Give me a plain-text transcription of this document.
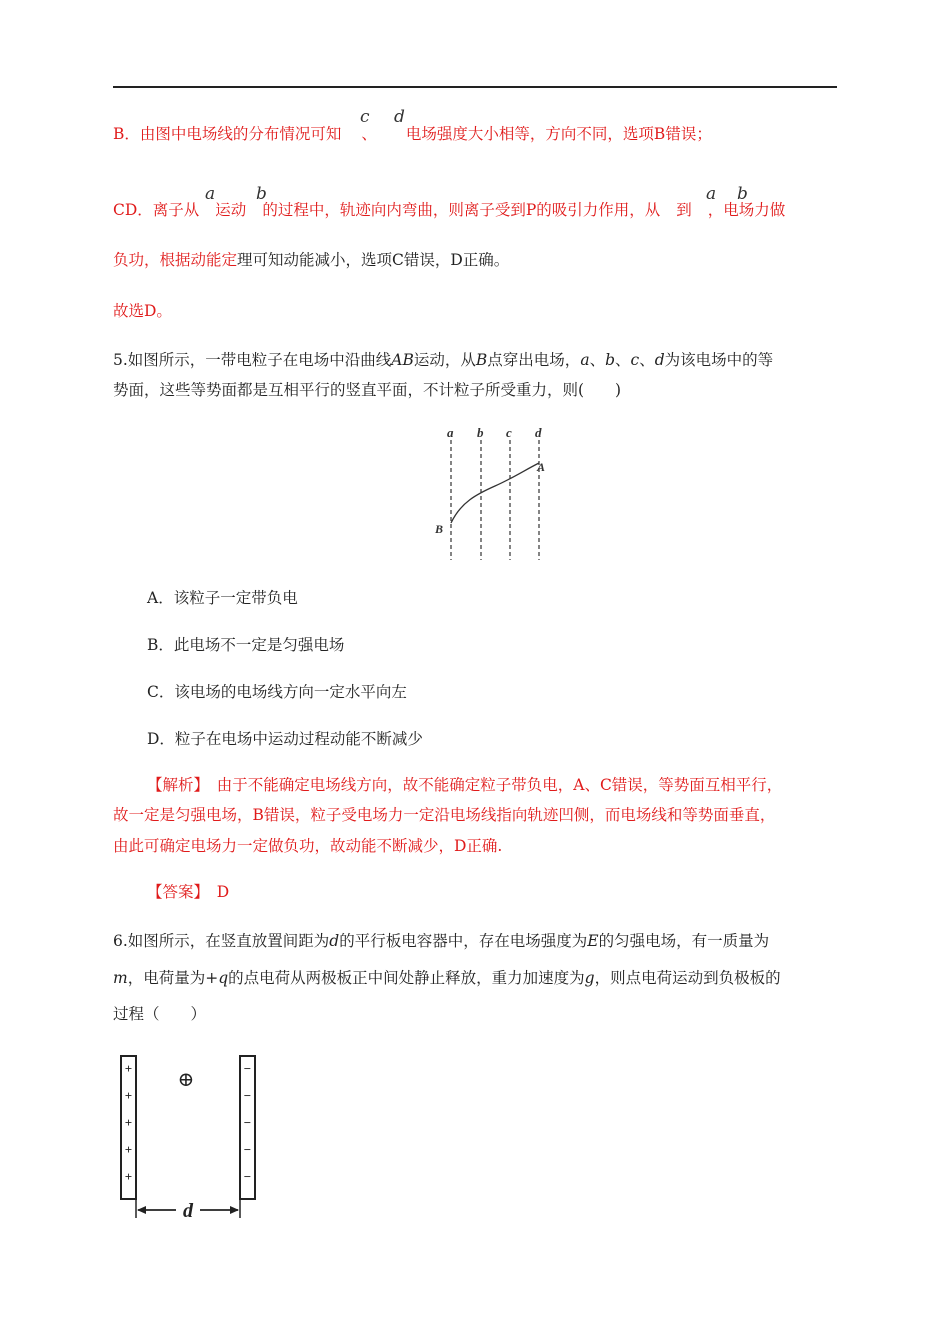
B．由图中电场线的分布情况可知 、 电场强度大小相等，方向不同，选项B错误；
c d
CD．离子从 运动 的过程中，轨迹向内弯曲，则离子受到P的吸引力作用，从 到 ，电场力做
a b	a b
负功，根据动能定理可知动能减小，选项C错误，D正确。
故选D。
5.如图所示，一带电粒子在电场中沿曲线AB运动，从B点穿出电场，a、b、c、d为该电场中的等
势面，这些等势面都是互相平行的竖直平面，不计粒子所受重力，则(　　)
a b c d
A
B
A．该粒子一定带负电
B．此电场不一定是匀强电场
C．该电场的电场线方向一定水平向左
D．粒子在电场中运动过程动能不断减少
【解析】　由于不能确定电场线方向，故不能确定粒子带负电，A、C错误，等势面互相平行，
故一定是匀强电场，B错误，粒子受电场力一定沿电场线指向轨迹凹侧，而电场线和等势面垂直，
由此可确定电场力一定做负功，故动能不断减少，D正确.
【答案】　D
6.如图所示，在竖直放置间距为d的平行板电容器中，存在电场强度为E的匀强电场，有一质量为
m，电荷量为+q的点电荷从两极板正中间处静止释放，重力加速度为g，则点电荷运动到负极板的
过程（　　）
+
+
+
+
+
−
−
−
−
−
⊕
d
